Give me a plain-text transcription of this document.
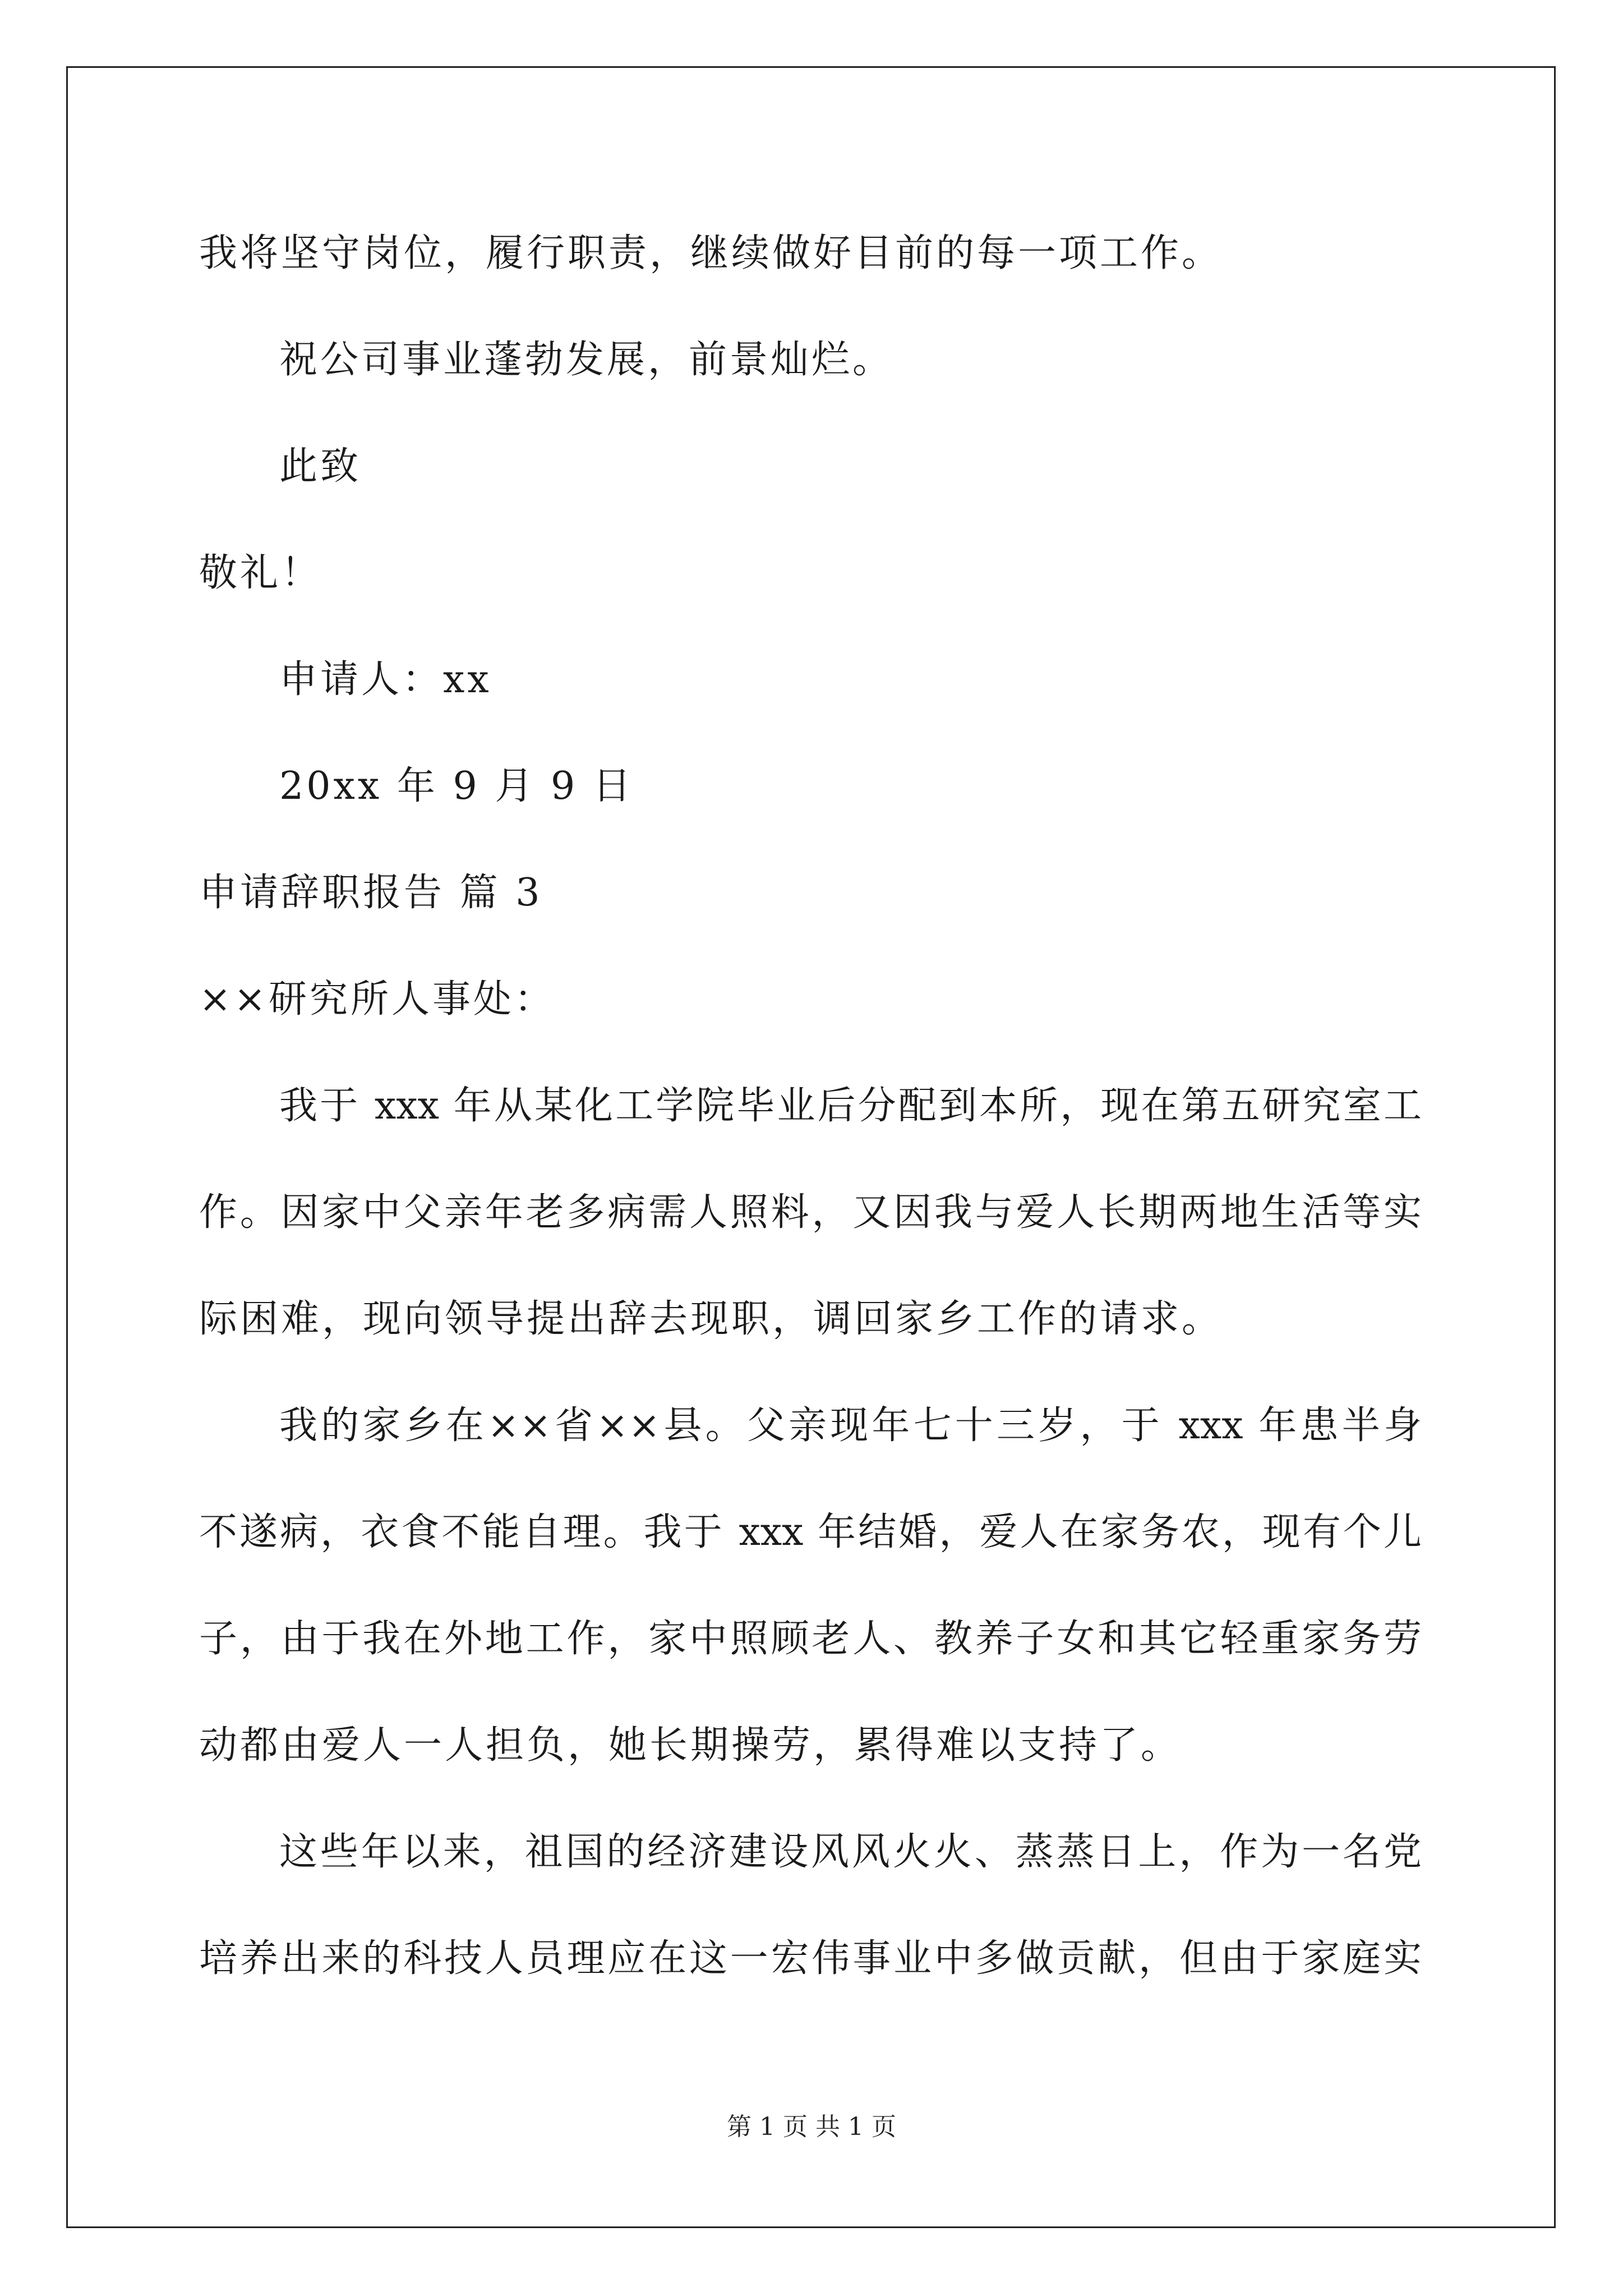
我将坚守岗位，履行职责，继续做好目前的每一项工作。
祝公司事业蓬勃发展，前景灿烂。
此致
敬礼！
申请人：xx
20xx 年 9 月 9 日
申请辞职报告 篇 3
××研究所人事处：
我于 xxx 年从某化工学院毕业后分配到本所，现在第五研究室工
作。因家中父亲年老多病需人照料，又因我与爱人长期两地生活等实
际困难，现向领导提出辞去现职，调回家乡工作的请求。
我的家乡在××省××县。父亲现年七十三岁，于 xxx 年患半身
不遂病，衣食不能自理。我于 xxx 年结婚，爱人在家务农，现有个儿
子，由于我在外地工作，家中照顾老人、教养子女和其它轻重家务劳
动都由爱人一人担负，她长期操劳，累得难以支持了。
这些年以来，祖国的经济建设风风火火、蒸蒸日上，作为一名党
培养出来的科技人员理应在这一宏伟事业中多做贡献，但由于家庭实
第 1 页 共 1 页
